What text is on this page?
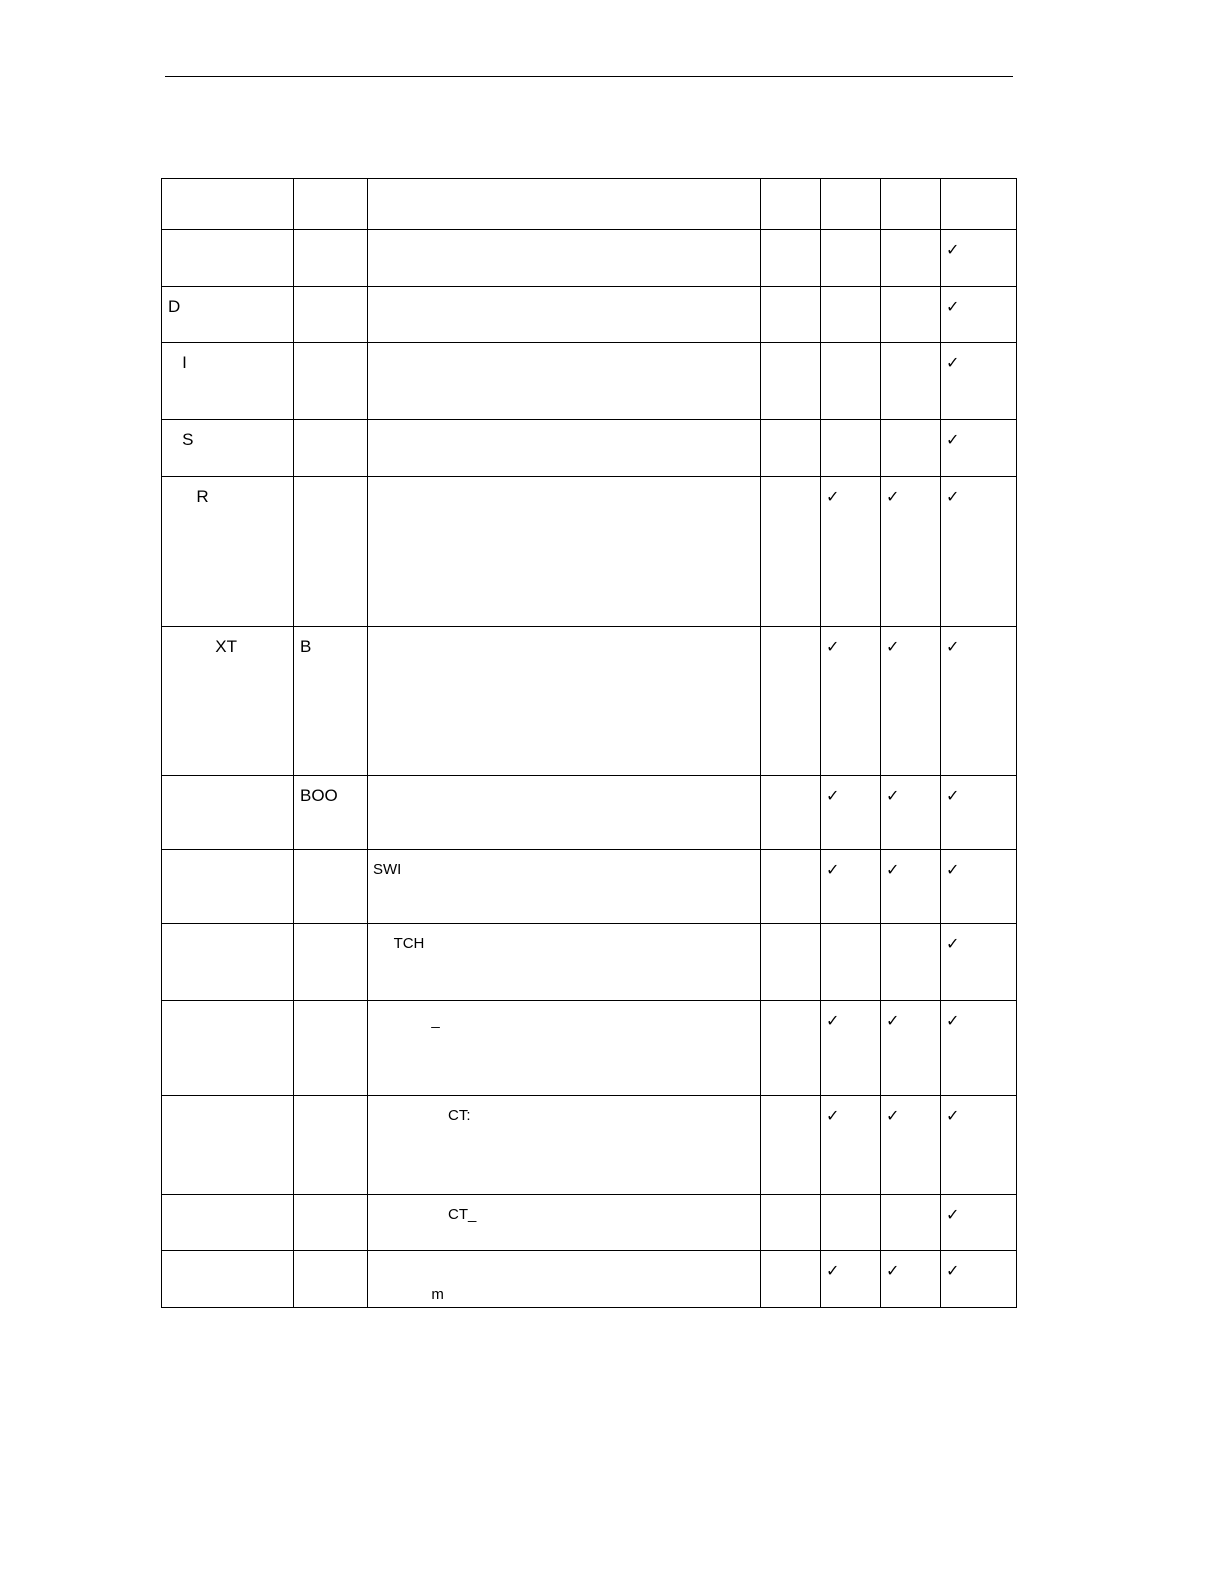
						✓

D						✓

I						✓

S						✓

R				✓	✓	✓

XT	B			✓	✓	✓

	BOO			✓	✓	✓

		SWI		✓	✓	✓

		TCH				✓

		_		✓	✓	✓

		CT:		✓	✓	✓

		CT_				✓

		m		✓	✓	✓
